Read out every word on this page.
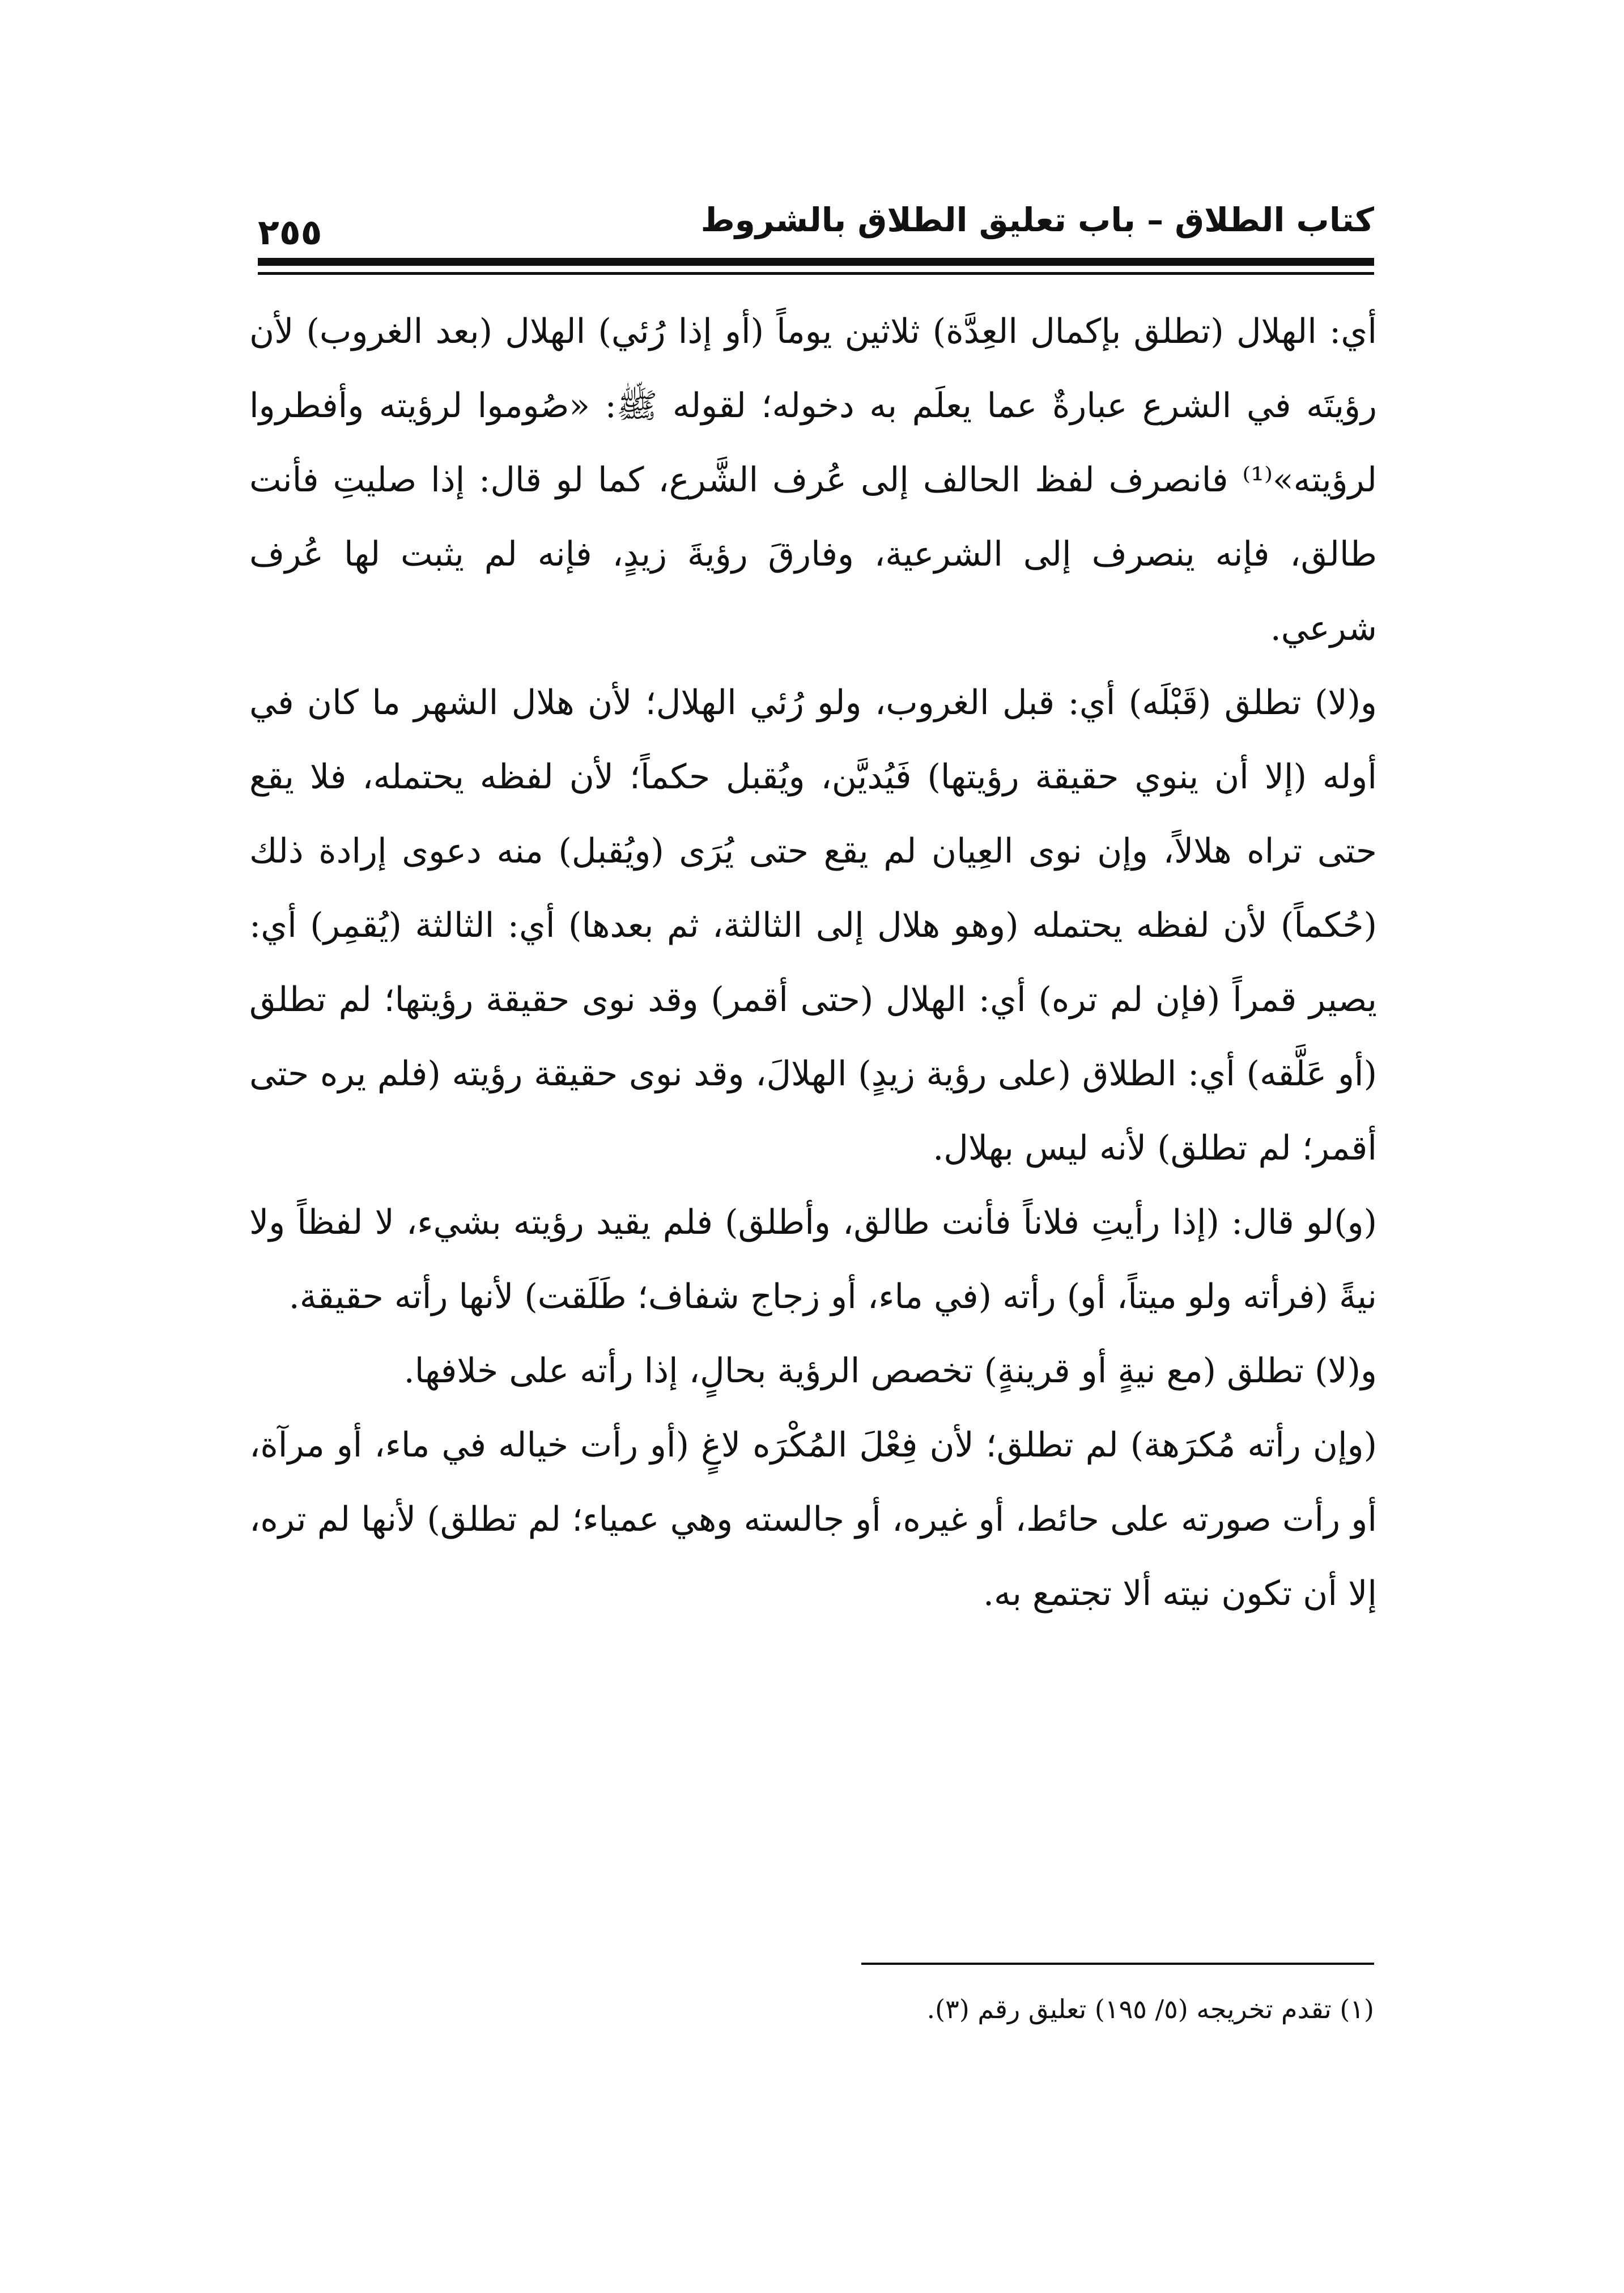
كتاب الطلاق – باب تعليق الطلاق بالشروط
٢٥٥

أي: الهلال (تطلق بإكمال العِدَّة) ثلاثين يوماً (أو إذا رُئي) الهلال (بعد الغروب) لأن رؤيتَه في الشرع عبارةٌ عما يعلَم به دخوله؛ لقوله ﷺ: «صُوموا لرؤيته وأفطروا لرؤيته»⁽¹⁾ فانصرف لفظ الحالف إلى عُرف الشَّرع، كما لو قال: إذا صليتِ فأنت طالق، فإنه ينصرف إلى الشرعية، وفارقَ رؤيةَ زيدٍ، فإنه لم يثبت لها عُرف شرعي.

و(لا) تطلق (قَبْلَه) أي: قبل الغروب، ولو رُئي الهلال؛ لأن هلال الشهر ما كان في أوله (إلا أن ينوي حقيقة رؤيتها) فَيُديَّن، ويُقبل حكماً؛ لأن لفظه يحتمله، فلا يقع حتى تراه هلالاً، وإن نوى العِيان لم يقع حتى يُرَى (ويُقبل) منه دعوى إرادة ذلك (حُكماً) لأن لفظه يحتمله (وهو هلال إلى الثالثة، ثم بعدها) أي: الثالثة (يُقمِر) أي: يصير قمراً (فإن لم تره) أي: الهلال (حتى أقمر) وقد نوى حقيقة رؤيتها؛ لم تطلق (أو عَلَّقه) أي: الطلاق (على رؤية زيدٍ) الهلالَ، وقد نوى حقيقة رؤيته (فلم يره حتى أقمر؛ لم تطلق) لأنه ليس بهلال.

(و)لو قال: (إذا رأيتِ فلاناً فأنت طالق، وأطلق) فلم يقيد رؤيته بشيء، لا لفظاً ولا نيةً (فرأته ولو ميتاً، أو) رأته (في ماء، أو زجاج شفاف؛ طَلَقت) لأنها رأته حقيقة.

و(لا) تطلق (مع نيةٍ أو قرينةٍ) تخصص الرؤية بحالٍ، إذا رأته على خلافها.

(وإن رأته مُكرَهة) لم تطلق؛ لأن فِعْلَ المُكْرَه لاغٍ (أو رأت خياله في ماء، أو مرآة، أو رأت صورته على حائط، أو غيره، أو جالسته وهي عمياء؛ لم تطلق) لأنها لم تره، إلا أن تكون نيته ألا تجتمع به.

(١) تقدم تخريجه (٥/ ١٩٥) تعليق رقم (٣).
